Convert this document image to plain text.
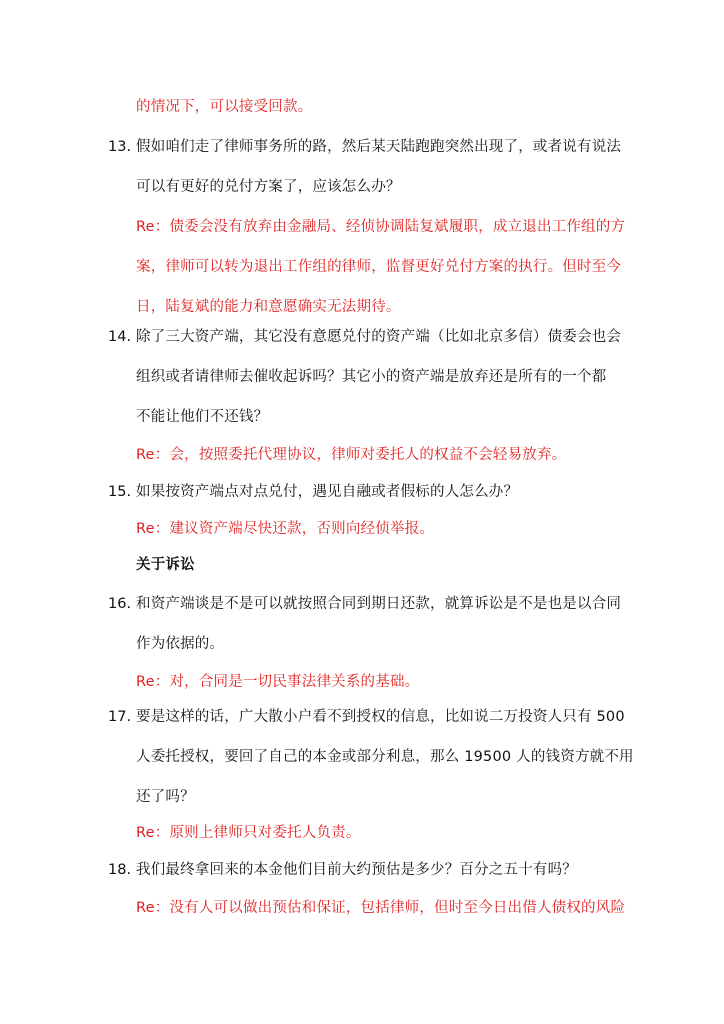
的情况下，可以接受回款。
13. 假如咱们走了律师事务所的路，然后某天陆跑跑突然出现了，或者说有说法
可以有更好的兑付方案了，应该怎么办？
Re：债委会没有放弃由金融局、经侦协调陆复斌履职，成立退出工作组的方
案，律师可以转为退出工作组的律师，监督更好兑付方案的执行。但时至今
日，陆复斌的能力和意愿确实无法期待。
14. 除了三大资产端，其它没有意愿兑付的资产端（比如北京多信）债委会也会
组织或者请律师去催收起诉吗？其它小的资产端是放弃还是所有的一个都
不能让他们不还钱？
Re：会，按照委托代理协议，律师对委托人的权益不会轻易放弃。
15. 如果按资产端点对点兑付，遇见自融或者假标的人怎么办？
Re：建议资产端尽快还款，否则向经侦举报。
关于诉讼
16. 和资产端谈是不是可以就按照合同到期日还款，就算诉讼是不是也是以合同
作为依据的。
Re：对，合同是一切民事法律关系的基础。
17. 要是这样的话，广大散小户看不到授权的信息，比如说二万投资人只有 500
人委托授权，要回了自己的本金或部分利息，那么 19500 人的钱资方就不用
还了吗？
Re：原则上律师只对委托人负责。
18. 我们最终拿回来的本金他们目前大约预估是多少？百分之五十有吗？
Re：没有人可以做出预估和保证，包括律师，但时至今日出借人债权的风险
